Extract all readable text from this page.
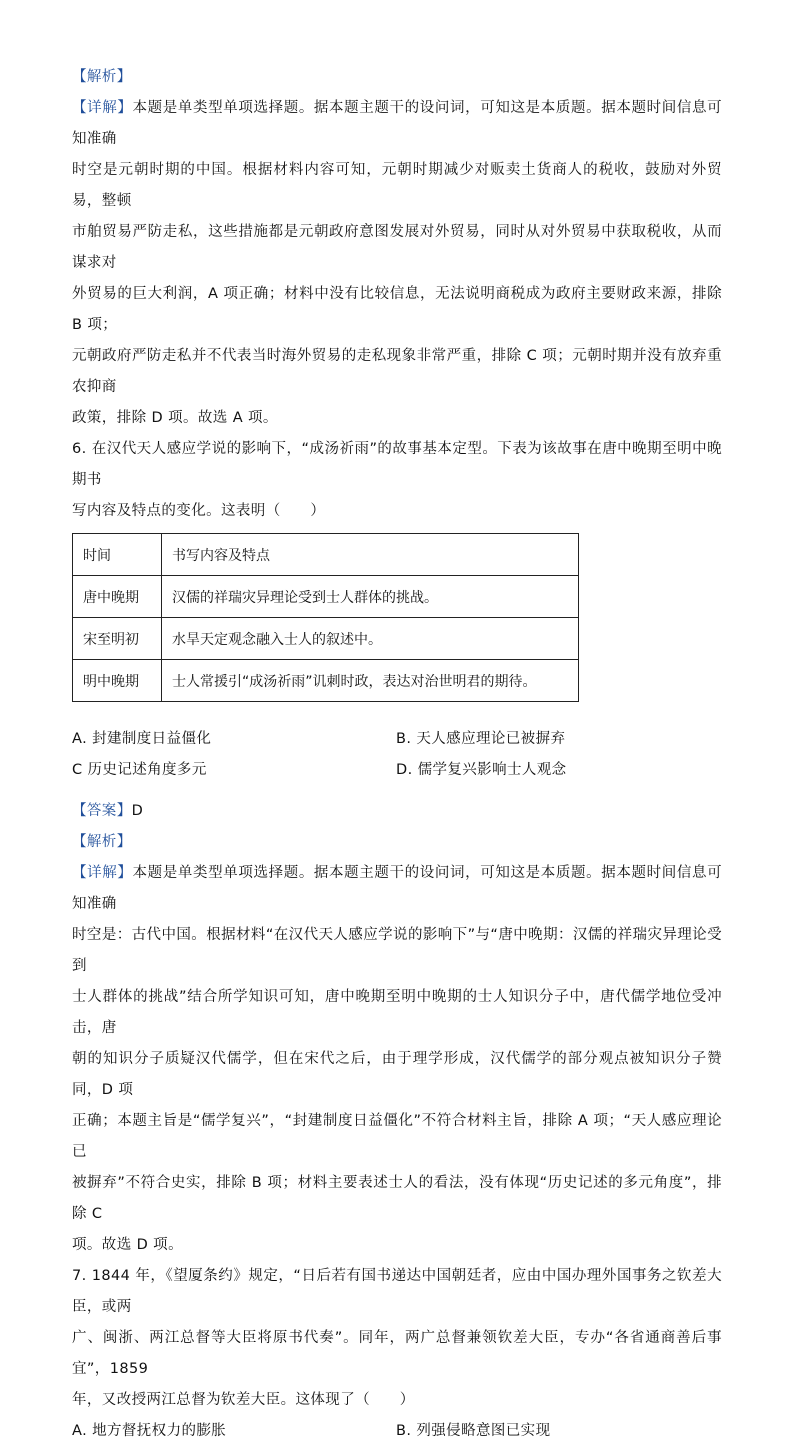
【解析】

【详解】本题是单类型单项选择题。据本题主题干的设问词，可知这是本质题。据本题时间信息可知准确

时空是元朝时期的中国。根据材料内容可知，元朝时期减少对贩卖土货商人的税收，鼓励对外贸易，整顿

市舶贸易严防走私，这些措施都是元朝政府意图发展对外贸易，同时从对外贸易中获取税收，从而谋求对

外贸易的巨大利润，A 项正确；材料中没有比较信息，无法说明商税成为政府主要财政来源，排除 B 项；

元朝政府严防走私并不代表当时海外贸易的走私现象非常严重，排除 C 项；元朝时期并没有放弃重农抑商

政策，排除 D 项。故选 A 项。

6. 在汉代天人感应学说的影响下，“成汤祈雨”的故事基本定型。下表为该故事在唐中晚期至明中晚期书

写内容及特点的变化。这表明（　　）

时间	书写内容及特点
唐中晚期	汉儒的祥瑞灾异理论受到士人群体的挑战。
宋至明初	水旱天定观念融入士人的叙述中。
明中晚期	士人常援引“成汤祈雨”讥刺时政，表达对治世明君的期待。
A. 封建制度日益僵化	B. 天人感应理论已被摒弃
C 历史记述角度多元	D. 儒学复兴影响士人观念

【答案】D

【解析】

【详解】本题是单类型单项选择题。据本题主题干的设问词，可知这是本质题。据本题时间信息可知准确

时空是：古代中国。根据材料“在汉代天人感应学说的影响下”与“唐中晚期：汉儒的祥瑞灾异理论受到

士人群体的挑战”结合所学知识可知，唐中晚期至明中晚期的士人知识分子中，唐代儒学地位受冲击，唐

朝的知识分子质疑汉代儒学，但在宋代之后，由于理学形成，汉代儒学的部分观点被知识分子赞同，D 项

正确；本题主旨是“儒学复兴”，“封建制度日益僵化”不符合材料主旨，排除 A 项；“天人感应理论已

被摒弃”不符合史实，排除 B 项；材料主要表述士人的看法，没有体现“历史记述的多元角度”，排除 C

项。故选 D 项。

7. 1844 年，《望厦条约》规定，“日后若有国书递达中国朝廷者，应由中国办理外国事务之钦差大臣，或两

广、闽浙、两江总督等大臣将原书代奏”。同年，两广总督兼领钦差大臣，专办“各省通商善后事宜”，1859

年，又改授两江总督为钦差大臣。这体现了（　　）

A. 地方督抚权力的膨胀	B. 列强侵略意图已实现
